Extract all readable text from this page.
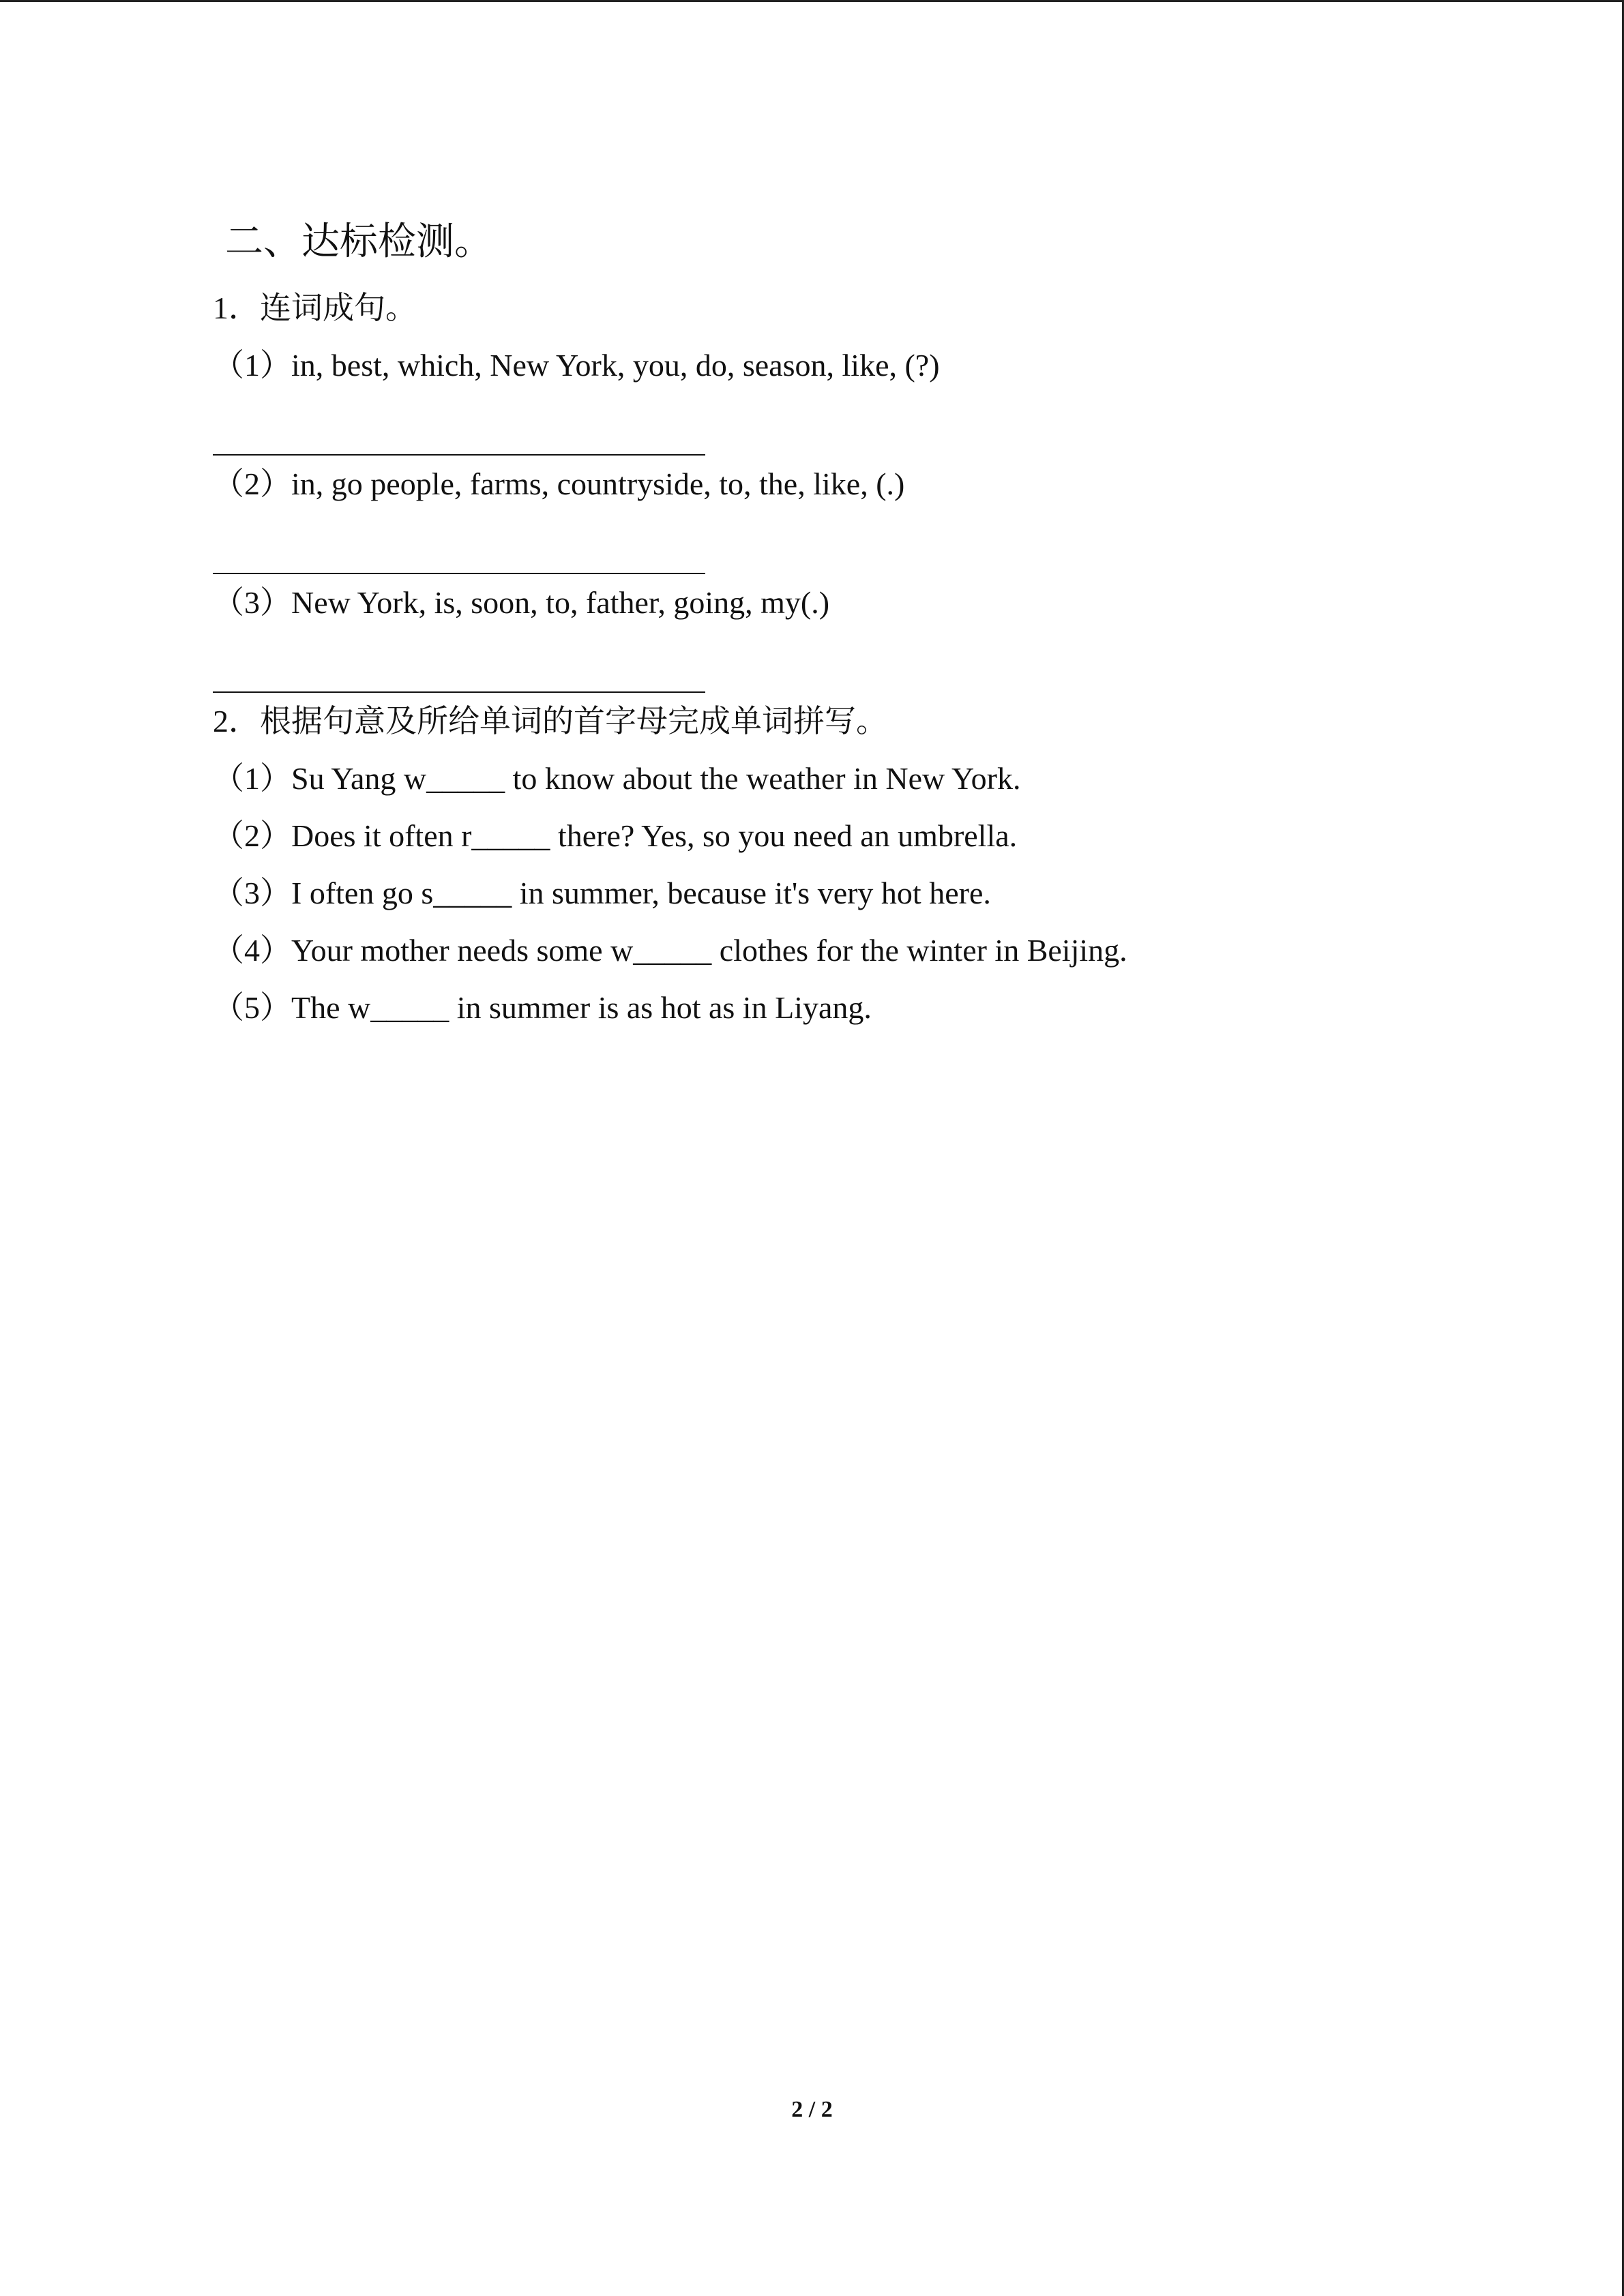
二、达标检测。
1．连词成句。
（1）in, best, which, New York, you, do, season, like, (?)
（2）in, go people, farms, countryside, to, the, like, (.)
（3）New York, is, soon, to, father, going, my(.)
2．根据句意及所给单词的首字母完成单词拼写。
（1）Su Yang w_____ to know about the weather in New York.
（2）Does it often r_____ there? Yes, so you need an umbrella.
（3）I often go s_____ in summer, because it's very hot here.
（4）Your mother needs some w_____ clothes for the winter in Beijing.
（5）The w_____ in summer is as hot as in Liyang.
2 / 2
